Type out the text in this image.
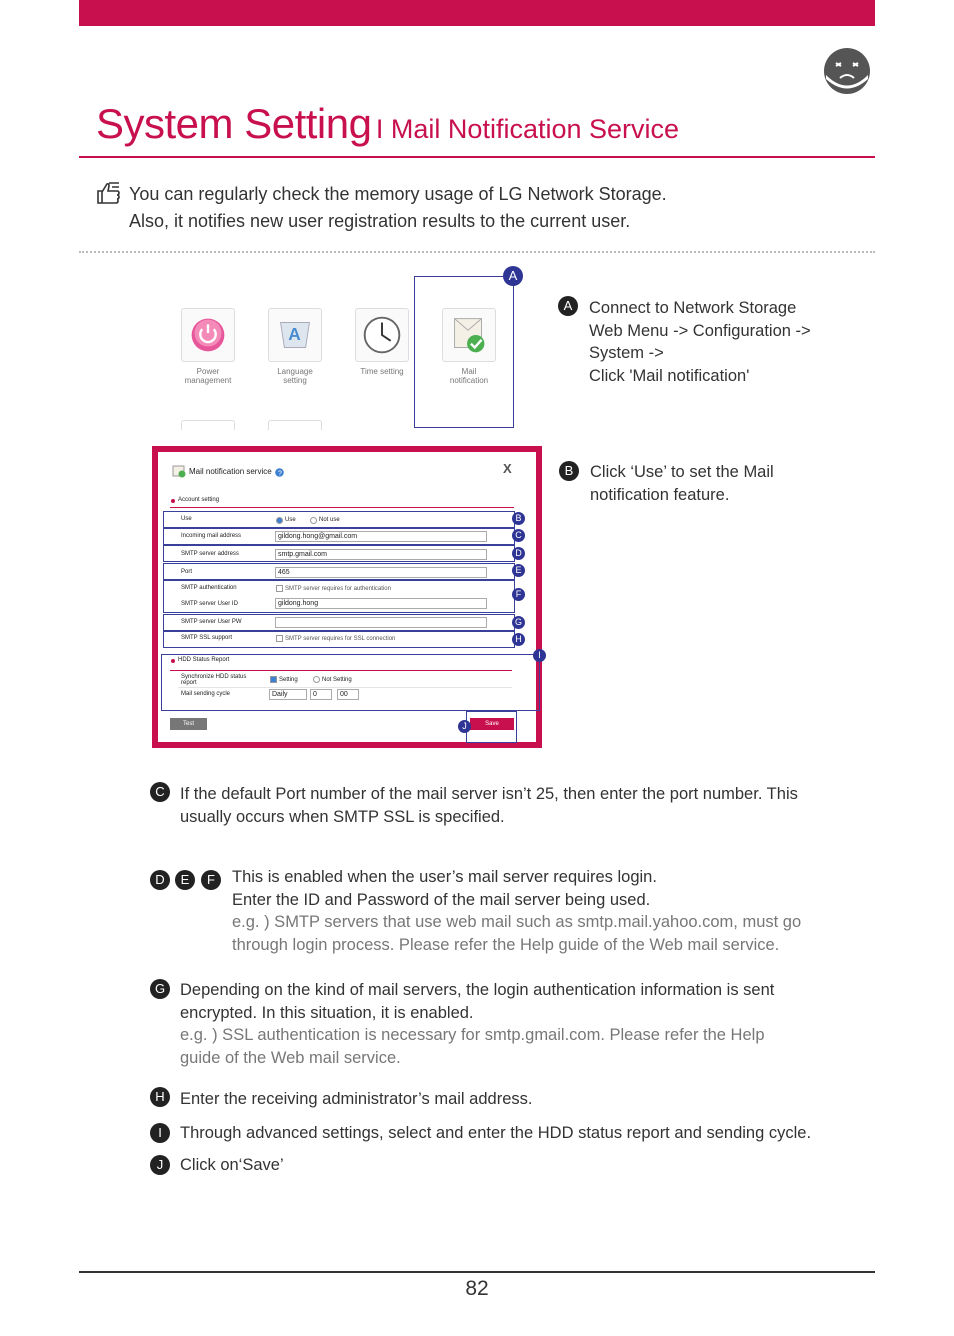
System Setting I Mail Notification Service
You can regularly check the memory usage of LG Network Storage.
Also, it notifies new user registration results to the current user.
Power
management
A
Language
setting
Time setting	Mail
notification
A
A	Connect to Network Storage
Web Menu -> Configuration ->
System ->
Click 'Mail notification'
B	Click ‘Use’ to set the Mail
notification feature.
Mail notification service ?	X
Account setting
Use	Use	Not use
Incoming mail address	gildong.hong@gmail.com
SMTP server address	smtp.gmail.com
Port	465
SMTP authentication	SMTP server requires for authentication
SMTP server User ID	gildong.hong
SMTP server User PW
SMTP SSL support	SMTP server requires for SSL connection
HDD Status Report
Synchronize HDD status report	Setting	Not Setting
Mail sending cycle	Daily	0	00
Test	Save
B
C
D
E
F
G
H
I
J
C If the default Port number of the mail server isn’t 25, then enter the port number. This
usually occurs when SMTP SSL is specified.
D	E	F	This is enabled when the user’s mail server requires login.
Enter the ID and Password of the mail server being used.
e.g. ) SMTP servers that use web mail such as smtp.mail.yahoo.com, must go
through login process. Please refer the Help guide of the Web mail service.
G Depending on the kind of mail servers, the login authentication information is sent
encrypted. In this situation, it is enabled.
e.g. ) SSL authentication is necessary for smtp.gmail.com. Please refer the Help
guide of the Web mail service.
H Enter the receiving administrator’s mail address.
I	Through advanced settings, select and enter the HDD status report and sending cycle.
J	Click on‘Save’
82
